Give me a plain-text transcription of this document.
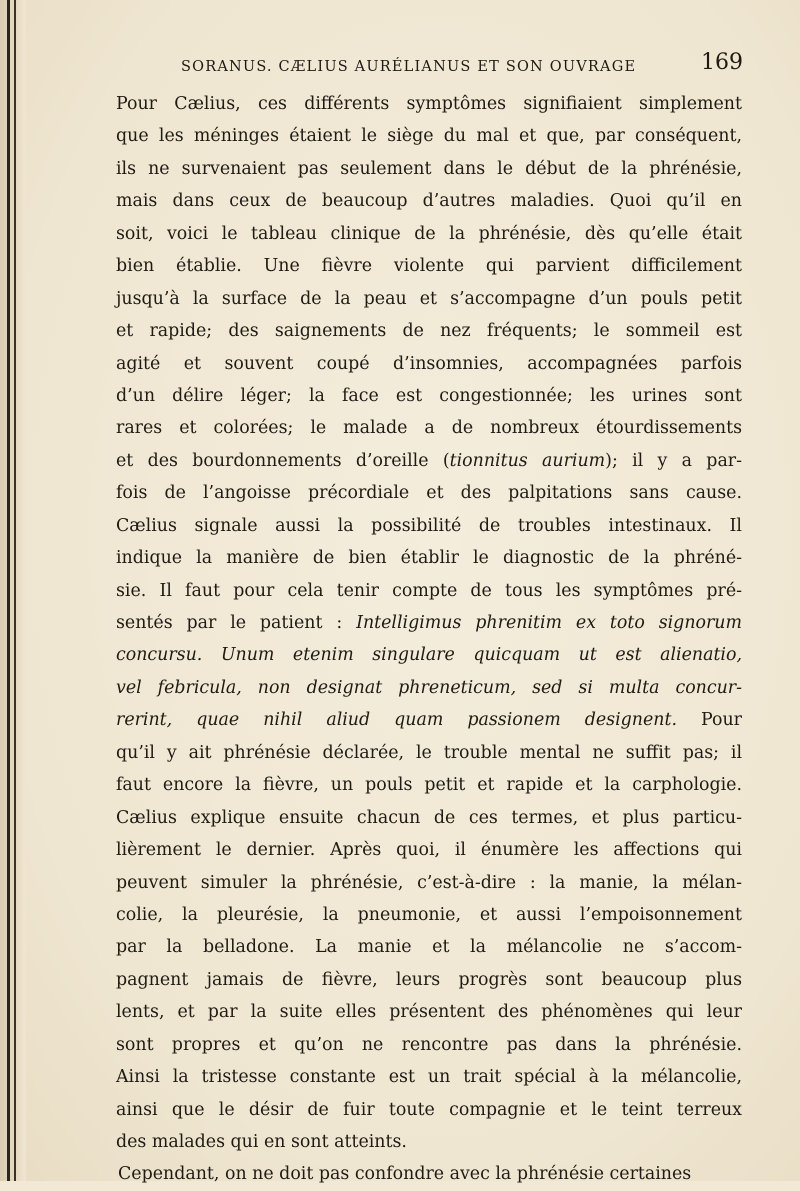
SORANUS. CÆLIUS AURÉLIANUS ET SON OUVRAGE	169
Pour Cælius, ces différents symptômes signifiaient simplement
que les méninges étaient le siège du mal et que, par conséquent,
ils ne survenaient pas seulement dans le début de la phrénésie,
mais dans ceux de beaucoup d’autres maladies. Quoi qu’il en
soit, voici le tableau clinique de la phrénésie, dès qu’elle était
bien établie. Une fièvre violente qui parvient difficilement
jusqu’à la surface de la peau et s’accompagne d’un pouls petit
et rapide; des saignements de nez fréquents; le sommeil est
agité et souvent coupé d’insomnies, accompagnées parfois
d’un délire léger; la face est congestionnée; les urines sont
rares et colorées; le malade a de nombreux étourdissements
et des bourdonnements d’oreille (tionnitus aurium); il y a par-
fois de l’angoisse précordiale et des palpitations sans cause.
Cælius signale aussi la possibilité de troubles intestinaux. Il
indique la manière de bien établir le diagnostic de la phréné-
sie. Il faut pour cela tenir compte de tous les symptômes pré-
sentés par le patient : Intelligimus phrenitim ex toto signorum
concursu. Unum etenim singulare quicquam ut est alienatio,
vel febricula, non designat phreneticum, sed si multa concur-
rerint, quae nihil aliud quam passionem designent. Pour
qu’il y ait phrénésie déclarée, le trouble mental ne suffit pas; il
faut encore la fièvre, un pouls petit et rapide et la carphologie.
Cælius explique ensuite chacun de ces termes, et plus particu-
lièrement le dernier. Après quoi, il énumère les affections qui
peuvent simuler la phrénésie, c’est-à-dire : la manie, la mélan-
colie, la pleurésie, la pneumonie, et aussi l’empoisonnement
par la belladone. La manie et la mélancolie ne s’accom-
pagnent jamais de fièvre, leurs progrès sont beaucoup plus
lents, et par la suite elles présentent des phénomènes qui leur
sont propres et qu’on ne rencontre pas dans la phrénésie.
Ainsi la tristesse constante est un trait spécial à la mélancolie,
ainsi que le désir de fuir toute compagnie et le teint terreux
des malades qui en sont atteints.
Cependant, on ne doit pas confondre avec la phrénésie certaines
